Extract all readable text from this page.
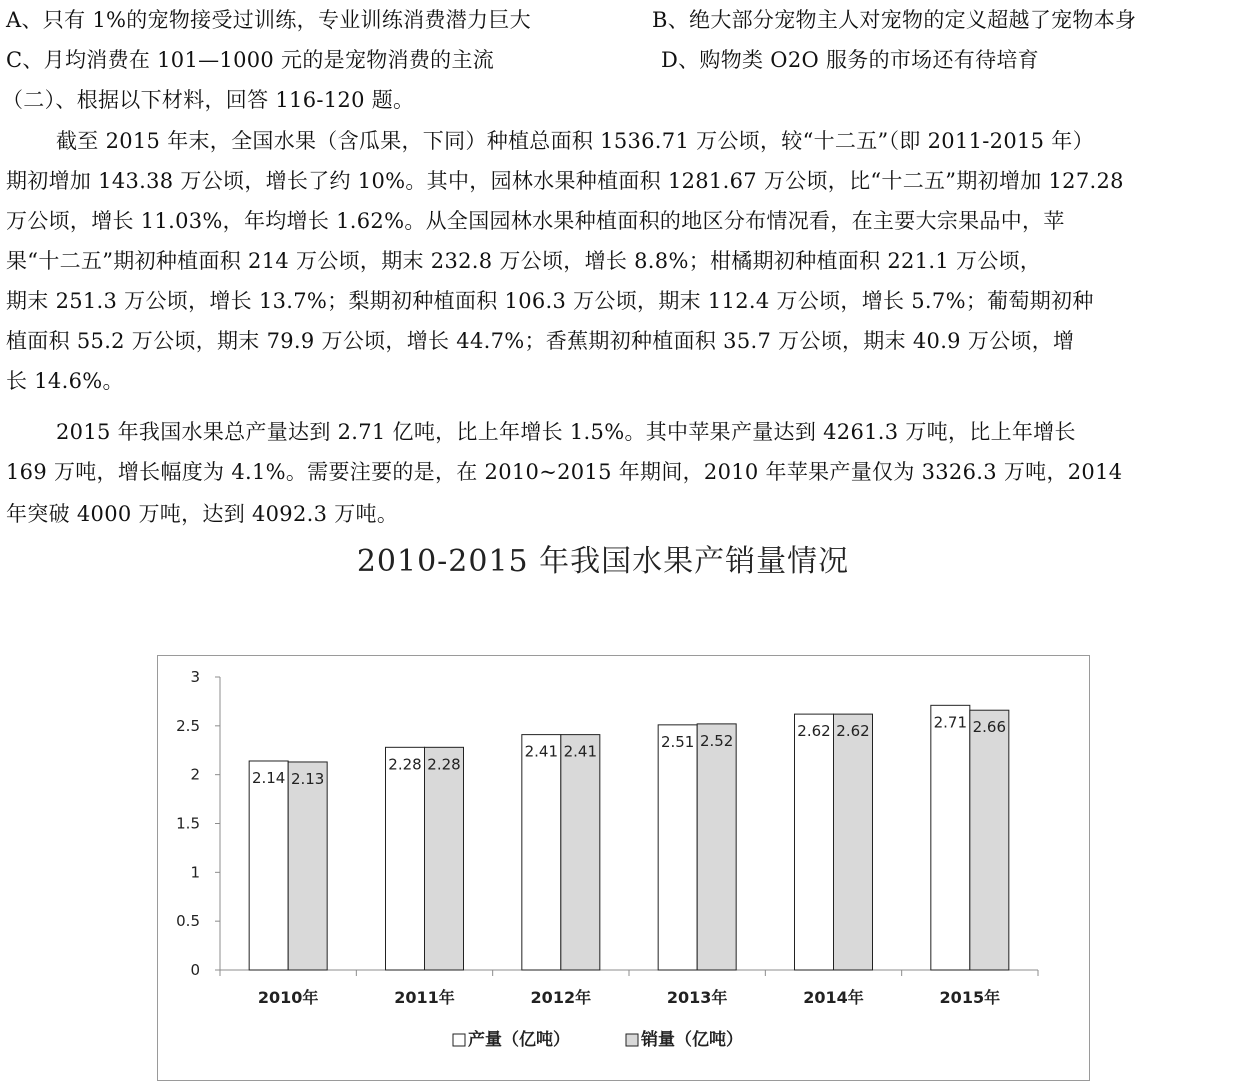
A、只有 1%的宠物接受过训练，专业训练消费潜力巨大	B、绝大部分宠物主人对宠物的定义超越了宠物本身
C、月均消费在 101—1000 元的是宠物消费的主流	D、购物类 O2O 服务的市场还有待培育
（二）、根据以下材料，回答 116-120 题。
截至 2015 年末，全国水果（含瓜果，下同）种植总面积 1536.71 万公顷，较“十二五”（即 2011-2015 年）
期初增加 143.38 万公顷，增长了约 10%。其中，园林水果种植面积 1281.67 万公顷，比“十二五”期初增加 127.28
万公顷，增长 11.03%，年均增长 1.62%。从全国园林水果种植面积的地区分布情况看，在主要大宗果品中，苹
果“十二五”期初种植面积 214 万公顷，期末 232.8 万公顷，增长 8.8%；柑橘期初种植面积 221.1 万公顷，
期末 251.3 万公顷，增长 13.7%；梨期初种植面积 106.3 万公顷，期末 112.4 万公顷，增长 5.7%；葡萄期初种
植面积 55.2 万公顷，期末 79.9 万公顷，增长 44.7%；香蕉期初种植面积 35.7 万公顷，期末 40.9 万公顷，增
长 14.6%。
2015 年我国水果总产量达到 2.71 亿吨，比上年增长 1.5%。其中苹果产量达到 4261.3 万吨，比上年增长
169 万吨，增长幅度为 4.1%。需要注要的是，在 2010~2015 年期间，2010 年苹果产量仅为 3326.3 万吨，2014
年突破 4000 万吨，达到 4092.3 万吨。
2010-2015 年我国水果产销量情况
0
0.5
1
1.5
2
2.5
3
2.14 2.13
2010年
2.28 2.28
2011年
2.41 2.41
2012年
2.51 2.52
2013年
2.62 2.62
2014年
2.71 2.66
2015年
产量（亿吨）	销量（亿吨）
